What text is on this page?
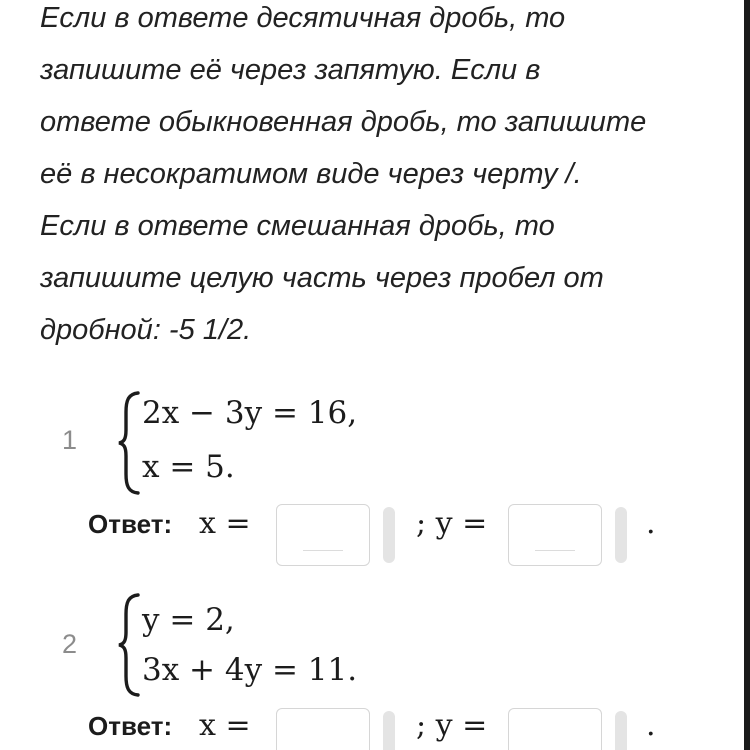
Если в ответе десятичная дробь, то
запишите её через запятую. Если в
ответе обыкновенная дробь, то запишите
её в несократимом виде через черту /.
Если в ответе смешанная дробь, то
запишите целую часть через пробел от
дробной: -5 1/2.
1
2x − 3y = 16,
x = 5.
Ответ: x =	; y =	.
2
y = 2,
3x + 4y = 11.
Ответ: x =	; y =	.
